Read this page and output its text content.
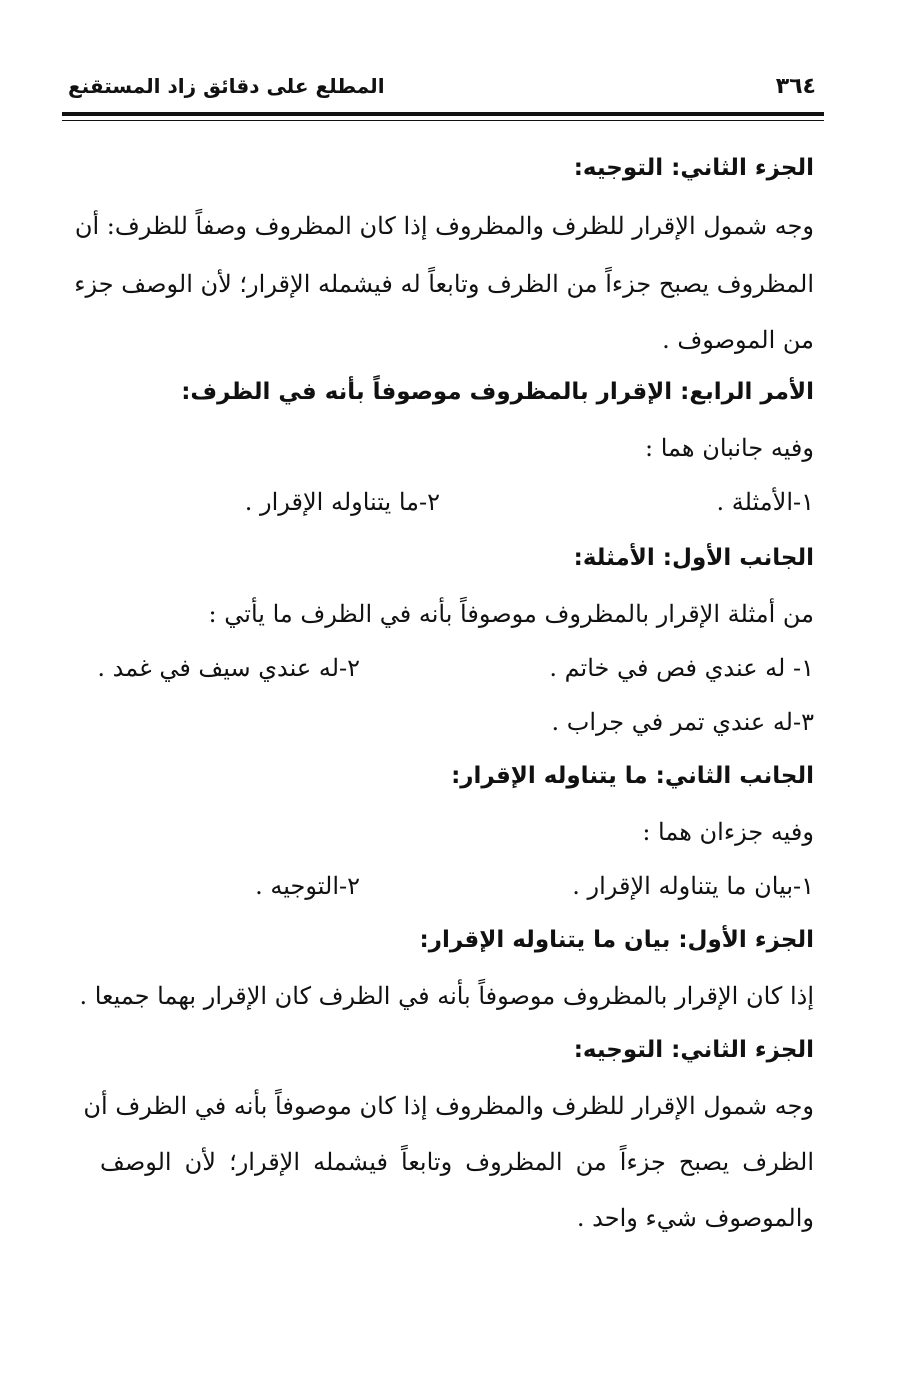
٣٦٤
المطلع على دقائق زاد المستقنع
الجزء الثاني: التوجيه:
وجه شمول الإقرار للظرف والمظروف إذا كان المظروف وصفاً للظرف: أن
المظروف يصبح جزءاً من الظرف وتابعاً له فيشمله الإقرار؛ لأن الوصف جزء
من الموصوف .
الأمر الرابع: الإقرار بالمظروف موصوفاً بأنه في الظرف:
وفيه جانبان هما :
١-الأمثلة .
٢-ما يتناوله الإقرار .
الجانب الأول: الأمثلة:
من أمثلة الإقرار بالمظروف موصوفاً بأنه في الظرف ما يأتي :
١- له عندي فص في خاتم .
٢-له عندي سيف في غمد .
٣-له عندي تمر في جراب .
الجانب الثاني: ما يتناوله الإقرار:
وفيه جزءان هما :
١-بيان ما يتناوله الإقرار .
٢-التوجيه .
الجزء الأول: بيان ما يتناوله الإقرار:
إذا كان الإقرار بالمظروف موصوفاً بأنه في الظرف كان الإقرار بهما جميعا .
الجزء الثاني: التوجيه:
وجه شمول الإقرار للظرف والمظروف إذا كان موصوفاً بأنه في الظرف أن
الظرف يصبح جزءاً من المظروف وتابعاً فيشمله الإقرار؛ لأن الوصف
والموصوف شيء واحد .
